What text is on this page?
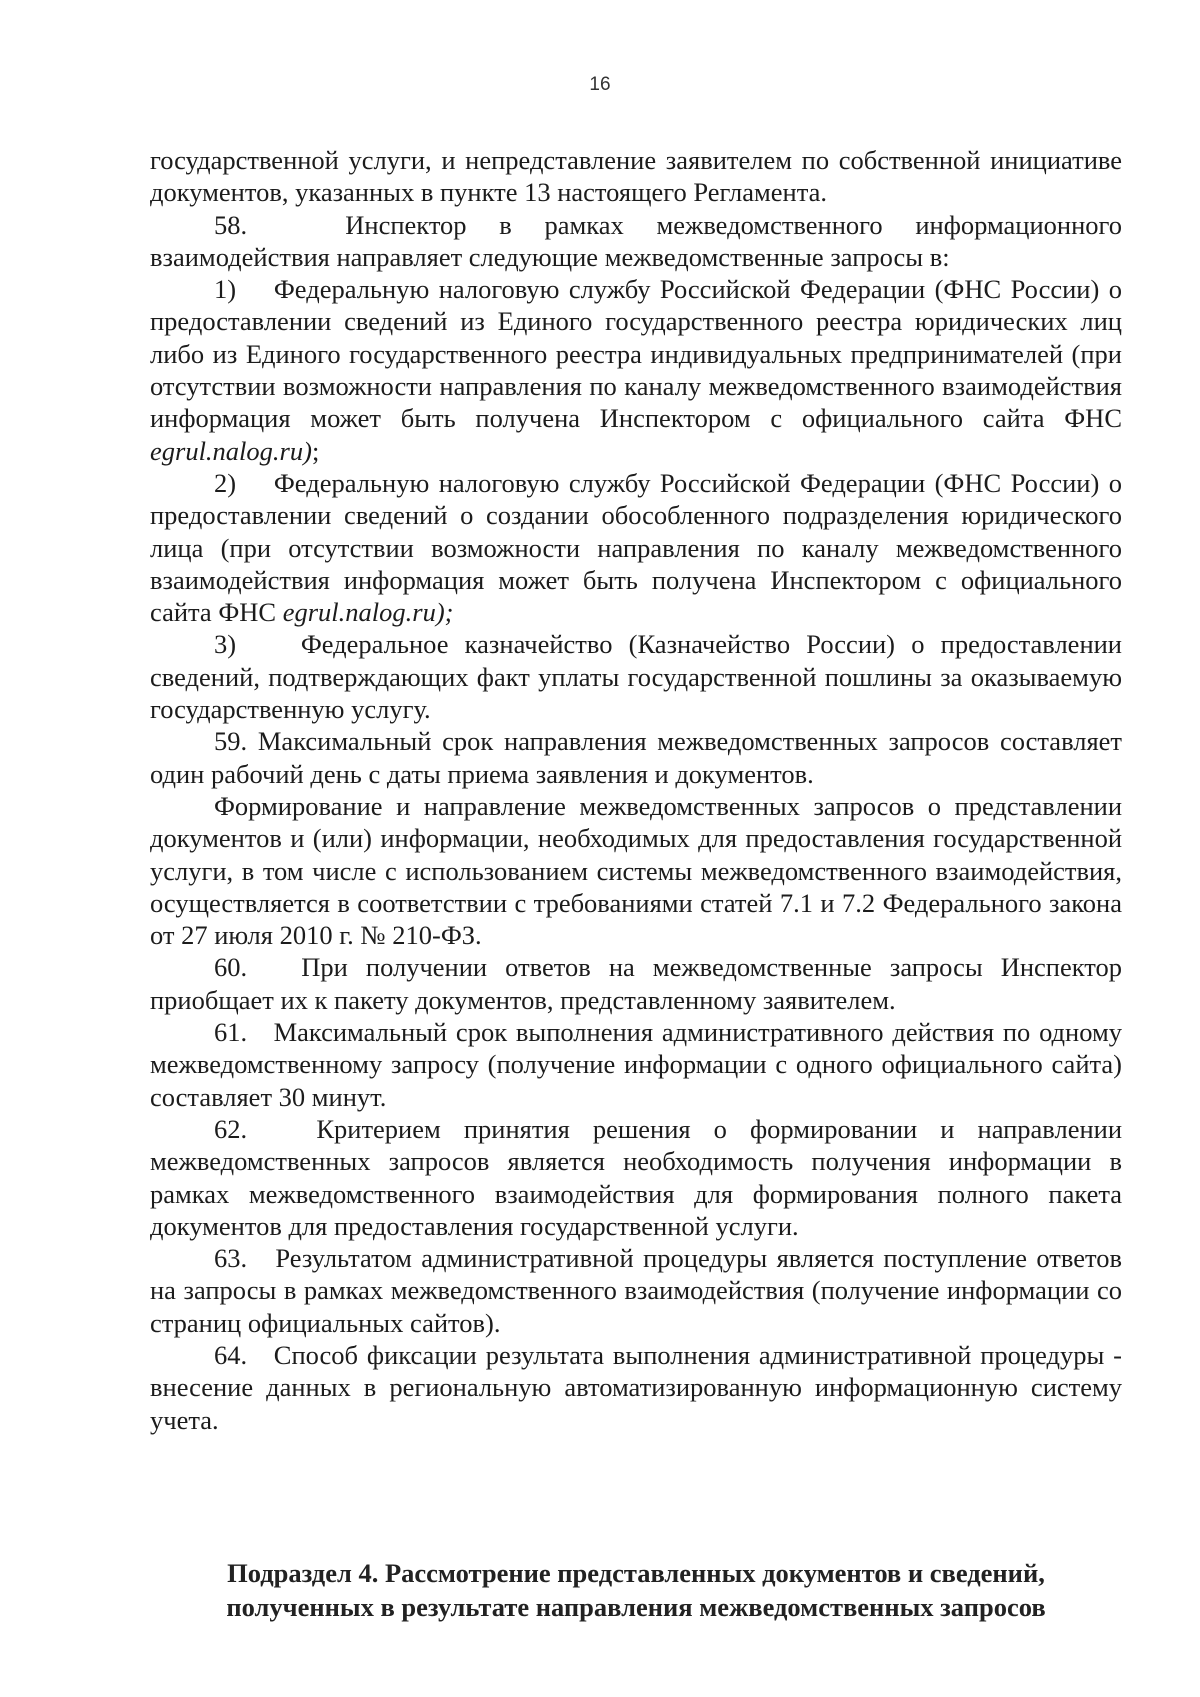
16

государственной услуги, и непредставление заявителем по собственной инициативе документов, указанных в пункте 13 настоящего Регламента.

58.   Инспектор в рамках межведомственного информационного взаимодействия направляет следующие межведомственные запросы в:

1)    Федеральную налоговую службу Российской Федерации (ФНС России) о предоставлении сведений из Единого государственного реестра юридических лиц либо из Единого государственного реестра индивидуальных предпринимателей (при отсутствии возможности направления по каналу межведомственного взаимодействия информация может быть получена Инспектором с официального сайта ФНС egrul.nalog.ru);

2)    Федеральную налоговую службу Российской Федерации (ФНС России) о предоставлении сведений о создании обособленного подразделения юридического лица (при отсутствии возможности направления по каналу межведомственного взаимодействия информация может быть получена Инспектором с официального сайта ФНС egrul.nalog.ru);

3)    Федеральное казначейство (Казначейство России) о предоставлении сведений, подтверждающих факт уплаты государственной пошлины за оказываемую государственную услугу.

59. Максимальный срок направления межведомственных запросов составляет один рабочий день с даты приема заявления и документов.

Формирование и направление межведомственных запросов о представлении документов и (или) информации, необходимых для предоставления государственной услуги, в том числе с использованием системы межведомственного взаимодействия, осуществляется в соответствии с требованиями статей 7.1 и 7.2 Федерального закона от 27 июля 2010 г. № 210-ФЗ.

60.   При получении ответов на межведомственные запросы Инспектор приобщает их к пакету документов, представленному заявителем.

61.   Максимальный срок выполнения административного действия по одному межведомственному запросу (получение информации с одного официального сайта) составляет 30 минут.

62.   Критерием принятия решения о формировании и направлении межведомственных запросов является необходимость получения информации в рамках межведомственного взаимодействия для формирования полного пакета документов для предоставления государственной услуги.

63.   Результатом административной процедуры является поступление ответов на запросы в рамках межведомственного взаимодействия (получение информации со страниц официальных сайтов).

64.   Способ фиксации результата выполнения административной процедуры - внесение данных в региональную автоматизированную информационную систему учета.

Подраздел 4. Рассмотрение представленных документов и сведений,
полученных в результате направления межведомственных запросов
